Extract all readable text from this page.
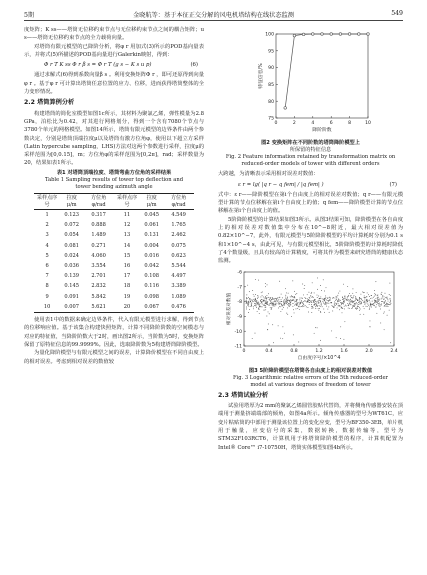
5期	金晓航等：基于本征正交分解的风电机塔结构在线状态监测	549

度矩阵；K ss——塔筒无位移约束节点与无位移约束节点之间的耦合矩阵；u s——塔筒无位移约束节点的全力载荷向量。

对塔筒有限元模型的已降阶分析，将φ r 用加式(3)所示的POD基向量表示，并将式(5)所描述的POD基向量进行Galerkin映射，得到：

Φ r T K ss Φ r β s = Φ r T (g s − K s u p)	(6)

通过求解式(6)得到系数向量β s 。利用变换矩阵Φ r ，即可还原得到向量φ r 。基于φ r 可计算出塔筒任意位置的应力、位移，进而获得塔筒整体的全力变形情况。

2.2 塔筒算例分析

构建塔筒的简化室模型如图1c所示，其材料为聚氯乙烯，弹性模量为2.8 GPa，泊松比为0.42，对其进行网格划分，得到一个含有7080个节点与3780个单元的网格模型。如图14所示，塔筒有限元模型的边界条件由两个参数决定，分别是塔筒顶端拉度μ以及塔筒有激方位角φ，使用以下超立方采样(Latin hypercube sampling，LHS)方法对这两个参数进行采样，拉度μ的采样范围为[0,0.15]，m；方位角φ的采样范围为[0,2π]，rad；采样数量为20，结果如表1所示。

表1 对塔筒顶端拉度、塔筒弯曲方位角的采样结果
Table 1 Sampling results of tower top deflection and
tower bending azimuth angle
采样点序号	拉度μ/m	方位角φ/rad	采样点序号	拉度μ/m	方位角φ/rad
1	0.123	0.317	11	0.045	4.549
2	0.072	0.888	12	0.061	1.765
3	0.054	1.489	13	0.131	2.462
4	0.081	0.271	14	0.004	0.075
5	0.024	4.060	15	0.016	0.623
6	0.036	3.554	16	0.042	5.544
7	0.139	2.701	17	0.108	4.497
8	0.145	2.832	18	0.116	3.389
9	0.091	5.842	19	0.098	1.089
10	0.007	5.621	20	0.067	0.476

使用表1中的数据来确定边界条件，代入有限元模型进行求解，得到节点的位移响应值。基于该集合构建快照矩阵，计算不同降阶阶数的空间模态与对应的特征值，当降阶阶数大于2时，画出图2所示，当阶数为5时，变换矩阵保留了原特征信息的99.9999%。因此，选取降阶数为5构建塔筒降阶模型。

为量化降阶模型与有限元模型之间的误差，计算降价模型在不同自由度上的相对误差。考虑到相对误差的数值较

75
80
85
90
95
100
0	2	4	6	8	10
降阶阶数
特征信息/%
图2 变换矩阵在不同阶数的塔筒降阶模型上
所保留的特征信息
Fig. 2 Feature information retained by transformation matrix on
reduced-order models of tower with different orders

大跨越，为清晰表示采用相对误差对数值：

ε r = lg( |q r − q fem| / |q fem| )	(7)

式中：ε r——降阶模型在第i个自由度上的相对误差对数值；q r——有限元模型计算的节点位移解在第i个自由度上的值；q fem——降阶模型计算的节点位移解在第i个自由度上的值。

5阶降阶模型的计算结果如图3所示。从图3结果可知，降阶模型在各自由度上的相对误差对数值集中分布在10^−8附近，最大相对误差值为0.82×10^−7，此外，有限元模型与5阶降阶模型的平均计算耗时分别为0.1 s和1×10^−4 s，由此可见，与有限元模型相比，5阶降阶模型的计算耗时降低了4个数量级，且具有较高的计算精度，可将其作为模型来研究塔筒的健康状态监测。

-6
-7
-8
-9
-10
-11
0	0.4	0.8	1.2	1.6	2.0	2.4
自由度序号/×10^4
相对误差对数值
图3 5阶降阶模型在塔筒各自由度上的相对误差对数值
Fig. 3 Logarithmic relative errors of the 5th reduced-order
model at various degrees of freedom of tower
2.3 塔筒试验分析

试验用塔厚为2 mm的聚氯乙烯圆管胶贴代替筒，并将侧角传感器安装在顶端用于测量挤端端部的倾角，如图4a所示。倾角传感器的型号为WT61C，应变片粘贴筒的中部用于测量该位置上的变化应变，型号为BF350-3EB，单片机用于触量，应变信号的采集，数据转换，数据传输等，型号为STM32F103RCT6，计算机用于将塔筒降阶模型的程序，计算机配置为Intel® Core™ i7-10750H，塔筒实体模型如图4b所示。
